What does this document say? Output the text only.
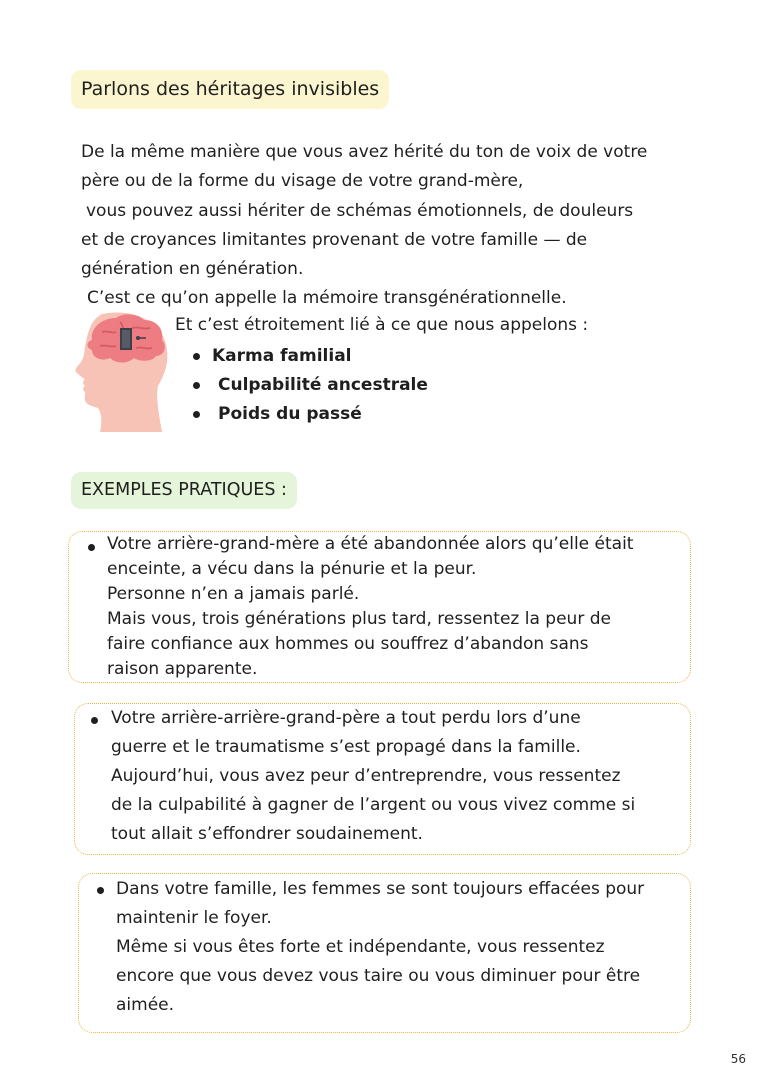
Parlons des héritages invisibles
De la même manière que vous avez hérité du ton de voix de votre
père ou de la forme du visage de votre grand-mère,
vous pouvez aussi hériter de schémas émotionnels, de douleurs
et de croyances limitantes provenant de votre famille — de
génération en génération.
C’est ce qu’on appelle la mémoire transgénérationnelle.
Et c’est étroitement lié à ce que nous appelons :
Karma familial
Culpabilité ancestrale
Poids du passé
EXEMPLES PRATIQUES :
Votre arrière-grand-mère a été abandonnée alors qu’elle était
enceinte, a vécu dans la pénurie et la peur.
Personne n’en a jamais parlé.
Mais vous, trois générations plus tard, ressentez la peur de
faire confiance aux hommes ou souffrez d’abandon sans
raison apparente.
Votre arrière-arrière-grand-père a tout perdu lors d’une
guerre et le traumatisme s’est propagé dans la famille.
Aujourd’hui, vous avez peur d’entreprendre, vous ressentez
de la culpabilité à gagner de l’argent ou vous vivez comme si
tout allait s’effondrer soudainement.
Dans votre famille, les femmes se sont toujours effacées pour
maintenir le foyer.
Même si vous êtes forte et indépendante, vous ressentez
encore que vous devez vous taire ou vous diminuer pour être
aimée.
56
